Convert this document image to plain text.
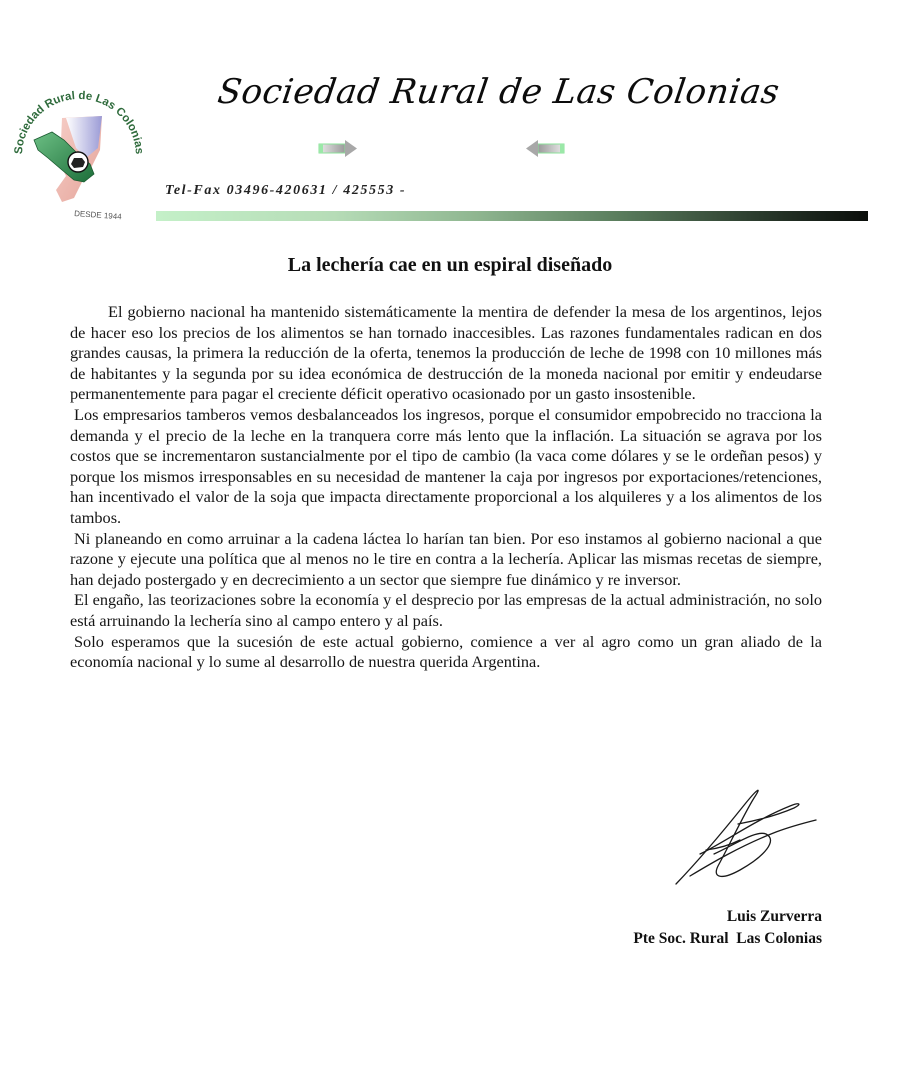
Sociedad Rural de Las Colonias
DESDE 1944
Sociedad Rural de Las Colonias
Tel-Fax 03496-420631 / 425553 -
La lechería cae en un espiral diseñado

El gobierno nacional ha mantenido sistemáticamente la mentira de defender la mesa de los argentinos, lejos de hacer eso los precios de los alimentos se han tornado inaccesibles. Las razones fundamentales radican en dos grandes causas, la primera la reducción de la oferta, tenemos la producción de leche de 1998 con 10 millones más de habitantes y la segunda por su idea económica de destrucción de la moneda nacional por emitir y endeudarse permanentemente para pagar el creciente déficit operativo ocasionado por un gasto insostenible.

Los empresarios tamberos vemos desbalanceados los ingresos, porque el consumidor empobrecido no tracciona la demanda y el precio de la leche en la tranquera corre más lento que la inflación. La situación se agrava por los costos que se incrementaron sustancialmente por el tipo de cambio (la vaca come dólares y se le ordeñan pesos) y porque los mismos irresponsables en su necesidad de mantener la caja por ingresos por exportaciones/retenciones, han incentivado el valor de la soja que impacta directamente proporcional a los alquileres y a los alimentos de los tambos.

Ni planeando en como arruinar a la cadena láctea lo harían tan bien. Por eso instamos al gobierno nacional a que razone y ejecute una política que al menos no le tire en contra a la lechería. Aplicar las mismas recetas de siempre, han dejado postergado y en decrecimiento a un sector que siempre fue dinámico y re inversor.

El engaño, las teorizaciones sobre la economía y el desprecio por las empresas de la actual administración, no solo está arruinando la lechería sino al campo entero y al país.

Solo esperamos que la sucesión de este actual gobierno, comience a ver al agro como un gran aliado de la economía nacional y lo sume al desarrollo de nuestra querida Argentina.

Luis Zurverra
Pte Soc. Rural  Las Colonias
